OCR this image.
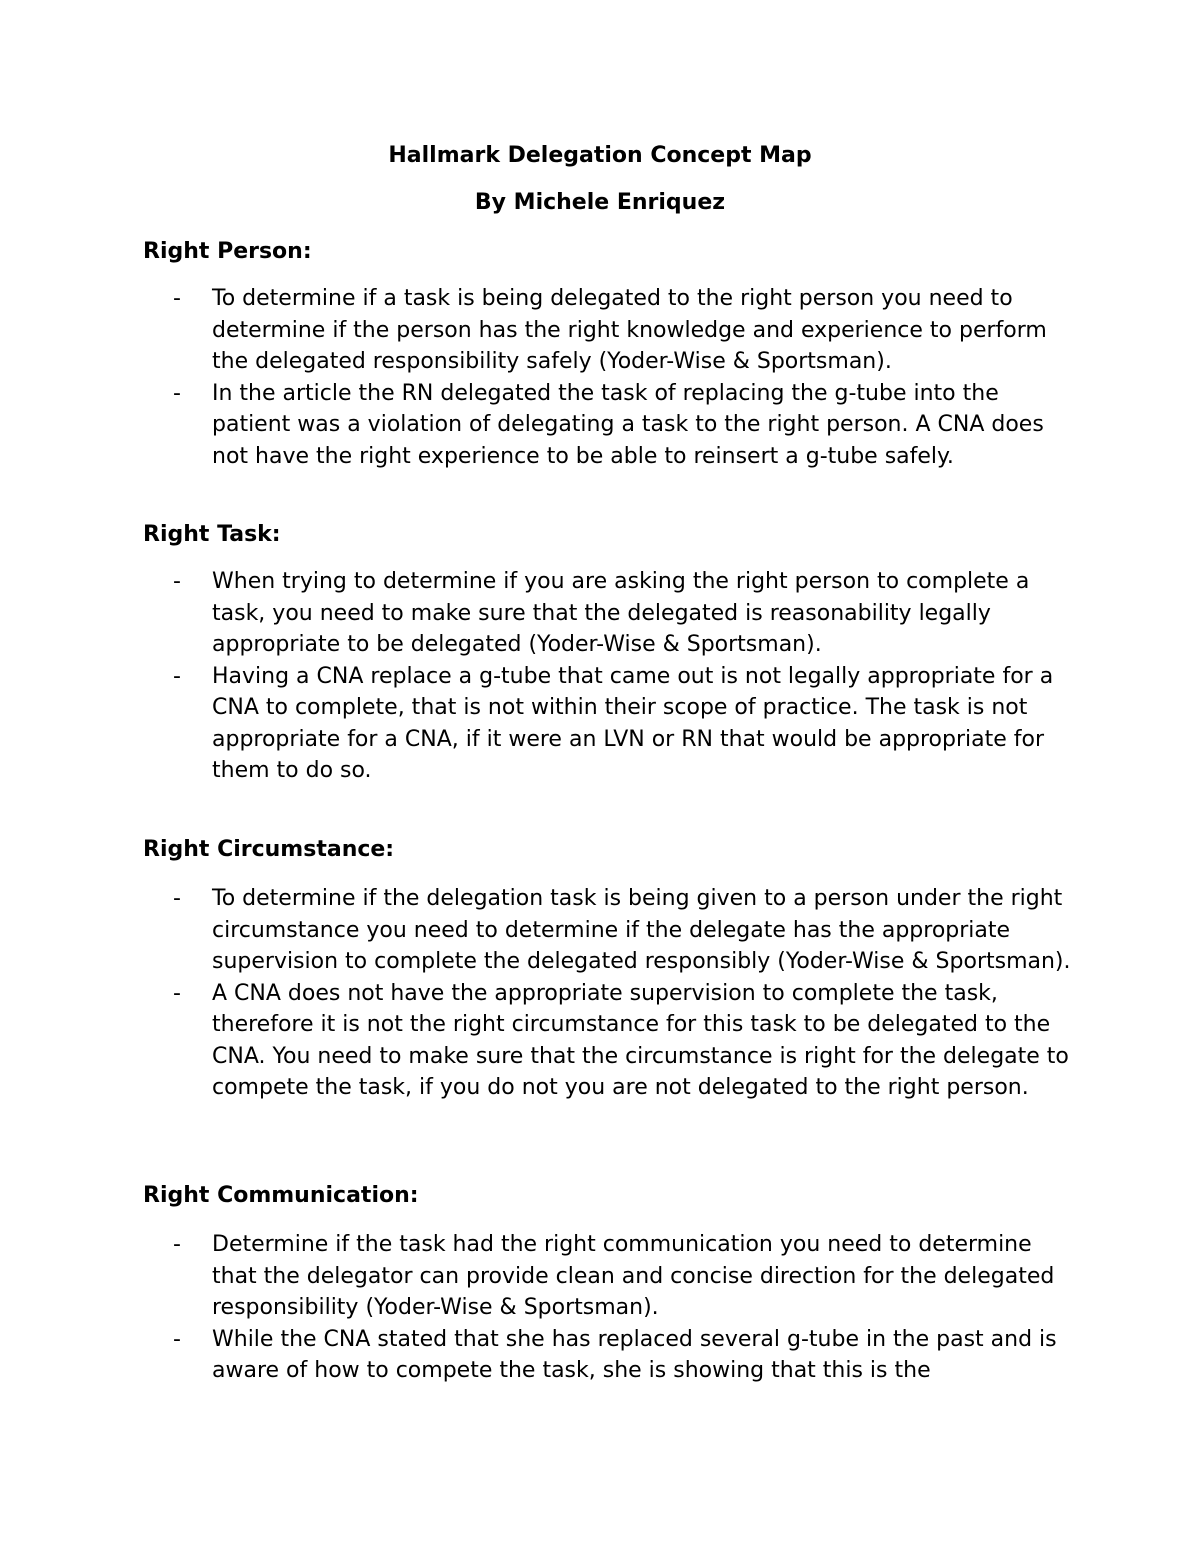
Hallmark Delegation Concept Map
By Michele Enriquez
Right Person:
- To determine if a task is being delegated to the right person you need to determine if the person has the right knowledge and experience to perform the delegated responsibility safely (Yoder-Wise & Sportsman).
- In the article the RN delegated the task of replacing the g-tube into the patient was a violation of delegating a task to the right person. A CNA does not have the right experience to be able to reinsert a g-tube safely.
Right Task:
- When trying to determine if you are asking the right person to complete a task, you need to make sure that the delegated is reasonability legally appropriate to be delegated (Yoder-Wise & Sportsman).
- Having a CNA replace a g-tube that came out is not legally appropriate for a CNA to complete, that is not within their scope of practice. The task is not appropriate for a CNA, if it were an LVN or RN that would be appropriate for them to do so.
Right Circumstance:
- To determine if the delegation task is being given to a person under the right circumstance you need to determine if the delegate has the appropriate supervision to complete the delegated responsibly (Yoder-Wise & Sportsman).
- A CNA does not have the appropriate supervision to complete the task, therefore it is not the right circumstance for this task to be delegated to the CNA. You need to make sure that the circumstance is right for the delegate to compete the task, if you do not you are not delegated to the right person.
Right Communication:
- Determine if the task had the right communication you need to determine that the delegator can provide clean and concise direction for the delegated responsibility (Yoder-Wise & Sportsman).
- While the CNA stated that she has replaced several g-tube in the past and is aware of how to compete the task, she is showing that this is the
